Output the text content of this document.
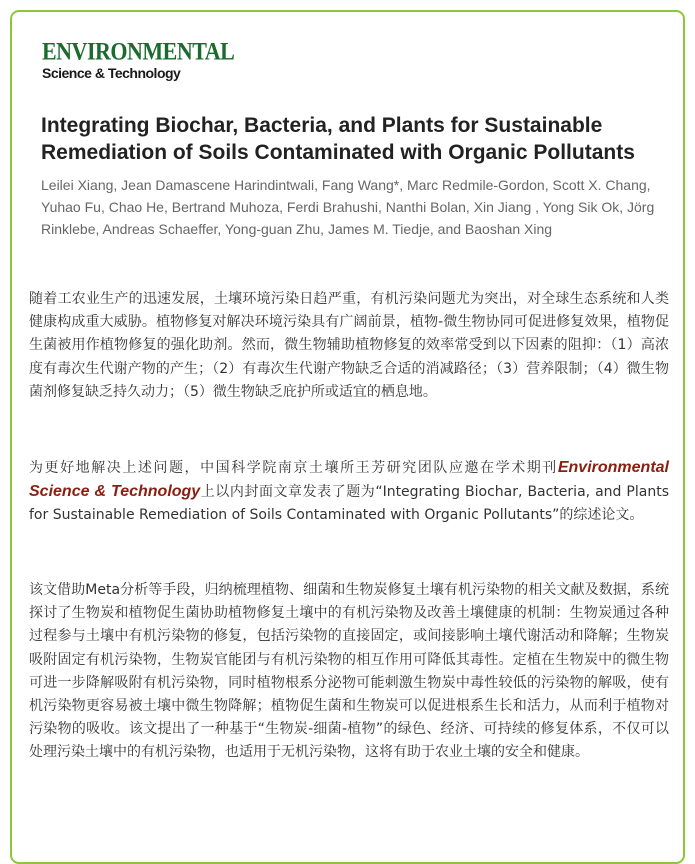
ENVIRONMENTAL
Science & Technology
Integrating Biochar, Bacteria, and Plants for Sustainable Remediation of Soils Contaminated with Organic Pollutants

Leilei Xiang, Jean Damascene Harindintwali, Fang Wang*, Marc Redmile-Gordon, Scott X. Chang, Yuhao Fu, Chao He, Bertrand Muhoza, Ferdi Brahushi, Nanthi Bolan, Xin Jiang , Yong Sik Ok, Jörg Rinklebe, Andreas Schaeffer, Yong-guan Zhu, James M. Tiedje, and Baoshan Xing

随着工农业生产的迅速发展，土壤环境污染日趋严重，有机污染问题尤为突出，对全球生态系统和人类健康构成重大威胁。植物修复对解决环境污染具有广阔前景，植物-微生物协同可促进修复效果，植物促生菌被用作植物修复的强化助剂。然而，微生物辅助植物修复的效率常受到以下因素的阻抑：（1）高浓度有毒次生代谢产物的产生；（2）有毒次生代谢产物缺乏合适的消减路径；（3）营养限制；（4）微生物菌剂修复缺乏持久动力；（5）微生物缺乏庇护所或适宜的栖息地。

为更好地解决上述问题，中国科学院南京土壤所王芳研究团队应邀在学术期刊Environmental Science & Technology上以内封面文章发表了题为“Integrating Biochar, Bacteria, and Plants for Sustainable Remediation of Soils Contaminated with Organic Pollutants”的综述论文。

该文借助Meta分析等手段，归纳梳理植物、细菌和生物炭修复土壤有机污染物的相关文献及数据，系统探讨了生物炭和植物促生菌协助植物修复土壤中的有机污染物及改善土壤健康的机制：生物炭通过各种过程参与土壤中有机污染物的修复，包括污染物的直接固定，或间接影响土壤代谢活动和降解；生物炭吸附固定有机污染物，生物炭官能团与有机污染物的相互作用可降低其毒性。定植在生物炭中的微生物可进一步降解吸附有机污染物，同时植物根系分泌物可能刺激生物炭中毒性较低的污染物的解吸，使有机污染物更容易被土壤中微生物降解；植物促生菌和生物炭可以促进根系生长和活力，从而利于植物对污染物的吸收。该文提出了一种基于“生物炭-细菌-植物”的绿色、经济、可持续的修复体系，不仅可以处理污染土壤中的有机污染物，也适用于无机污染物，这将有助于农业土壤的安全和健康。
